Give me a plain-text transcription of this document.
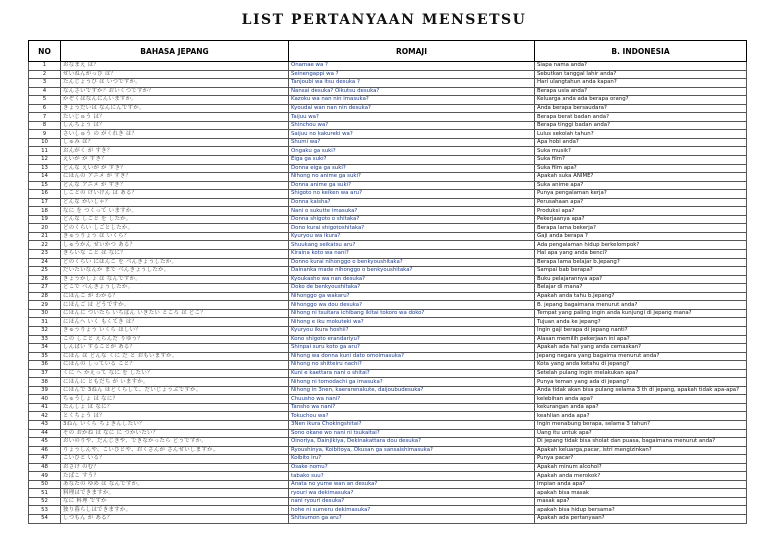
LIST PERTANYAAN MENSETSU
NO	BAHASA JEPANG	ROMAJI	B. INDONESIA
1	おなまえ は？	Onamae wa ?	Siapa nama anda?
2	せいねんがっぴ は？	Seinengappi wa ?	Sebutkan tanggal lahir anda?
3	たんじょうび は いつですか。	Tanjoubi wa itsu desuka ?	Hari ulangtahun anda kapan?
4	なんさいですか？おいくつですか？	Nansai desuka? Oikutsu desuka?	Berapa usia anda?
5	かぞくはなんにんいますか。	Kazoku wa nan nin imasuka?	Keluarga anda ada berapa orang?
6	きょうだいは なんにんですか。	Kyoudai wan nan nin desuka?	Anda berapa bersaudara?
7	たいじゅう は？	Taijuu wa?	Berapa berat badan anda?
8	しんちょう は？	Shinchou wa?	Berapa tinggi badan anda?
9	さいしゅう の がくれき は？	Saijuu no kakureki wa?	Lulus sekolah tahun?
10	しゅみ は？	Shumi wa?	Apa hobi anda?
11	おんがく が すき？	Ongaku ga suki?	Suka musik?
12	えいが が すき？	Eiga ga suki?	Suka film?
13	どんな えいが が すき？	Donna eiga ga suki?	Suka film apa?
14	にほんの アニメ が すき？	Nihong no anime ga suki?	Apakah suka ANIME?
15	どんな アニメ が すき？	Donna anime ga suki?	Suka anime apa?
16	しごとの けいけん は ある？	Shigoto no keiken wa aru?	Punya pengalaman kerja?
17	どんな かいしゃ？	Donna kaisha?	Perusahaan apa?
18	なに を つくって いますか。	Nani o sukutte imasuka?	Produksi apa?
19	どんな しごと を したか。	Donna shigoto o shitaka?	Pekerjaanya apa?
20	どのくらい しごとしたか。	Dono kurai shigotoshitaka?	Berapa lama bekerja?
21	きゅうりょう は いくら？	Kyuryou wa ikura?	Gaji anda berapa ?
22	しゅうかん せいかつ ある？	Shuukang seikatsu aru?	Ada pengalaman hidup berkelompok?
23	きらいな こと は なに？	Kiraina koto wa nani?	Hal apa yang anda benci?
24	どのくらい にほんご を べんきょうしたか。	Donno kurai nihonggo o benkyoushitaka?	Berapa lama belajar b.jepang?
25	だいたいなんか まで べんきょうしたか。	Dainanka made nihonggo o benkyoushitaka?	Sampai bab berapa?
26	きょうかしょ は なんですか。	Kyoukasho wa nan desuka?	Buku pelajarannya apa?
27	どこで べんきょうしたか。	Doko de benkyoushitaka?	Belajar di mana?
28	にほんご が わかる？	Nihonggo ga wakaru?	Apakah anda tahu b.jepang?
29	にほんご は どうですか。	Nihonggo wa dou desuka?	B. jepang bagaimana menurut anda?
30	にほんに ついたら いちばん いきたい ところ は どこ？	Nihong ni tsuitara ichibang ikitai tokoro wa doko?	Tempat yang paling ingin anda kunjungi di jepang mana?
31	にほんへ いく もくてき は？	Nihong e iku mokuteki wa?	Tujuan anda ke jepang?
32	きゅうりょう いくら ほしい？	Kyuryou ikura hoshii?	Ingin gaji berapa di jepang nanti?
33	この しごと えらんだ りゆう？	Kono shigoto erandariyu?	Alasan memilih pekerjaan ini apa?
34	しんぱい することが ある？	Shinpai suru koto ga aru?	Apakah ada hal yang anda cemaskan?
35	にほん は どんな くに だ と おもいますか。	Nihong wa donna kuni dato omoimasuka?	Jepang negara yang bagaima menurut anda?
36	にほんの しっている こと？	Nihong no shitteiru nachi?	Kota yang anda ketahu di jepang?
37	くに へ かえって なに を したい？	Kuni e kaettara nani o shitai?	Setelah pulang ingin melakukan apa?
38	にほんに ともだち が いますか。	Nihong ni tomodachi ga imasuka?	Punya teman yang ada di jepang?
39	にほんで 3ねん ほどくらして、だいじょうぶですか。	Nihong in 3nen, kaerarenakute, daijoubudesuka?	Anda tidak akan bisa pulang selama 3 th di jepang, apakah tidak apa-apa?
40	ちゅうしょ は なに？	Chuusho wa nani?	kelebihan anda apa?
41	たんしょ は なに？	Tansho wa nani?	kekurangan anda apa?
42	とくちょう は？	Tokuchou wa?	keahlian anda apa?
43	3ねん いくら ちょきんしたい？	3Nen ikura Chokingshitai?	Ingin menabung berapa, selama 3 tahun?
44	その おかね は なに に つかいたい？	Sono okane wo nani ni tsukaitai?	Uang itu untuk apa?
45	おいのりや、だんじきや、できなかったら どうですか。	Oinoriya, Dainjikiya, Dekinakattara dou desuka?	Di jepang tidak bisa sholat dan puasa, bagaimana menurut anda?
46	りょうしんや、こいびとや、おくさんが さんせいしますか。	Ryoushinya, Koibitoya, Okusan ga sansaishimasuka?	Apakah keluarga,pacar, istri mengizinkan?
47	こいびと いる？	Koibito iru?	Punya pacar?
48	おさけ のむ？	Osake nomu?	Apakah minum alcohol?
49	たばこ すう？	tabako suu?	Apakah anda merokok?
50	あなたの ゆめ は なんですか。	Anata no yume wan an desuka?	Impian anda apa?
51	料理はできますか。	ryouri wa dekimasuka?	apakah bisa masak
52	なに 料理 ですか	nani ryouri desuka?	masak apa?
53	独り暮らしはできますか。	hohe ni sumeru dekimasuka?	apakah bisa hidup bersama?
54	しつもん が ある？	Shitsumon ga aru?	Apakah ada pertanyaan?
